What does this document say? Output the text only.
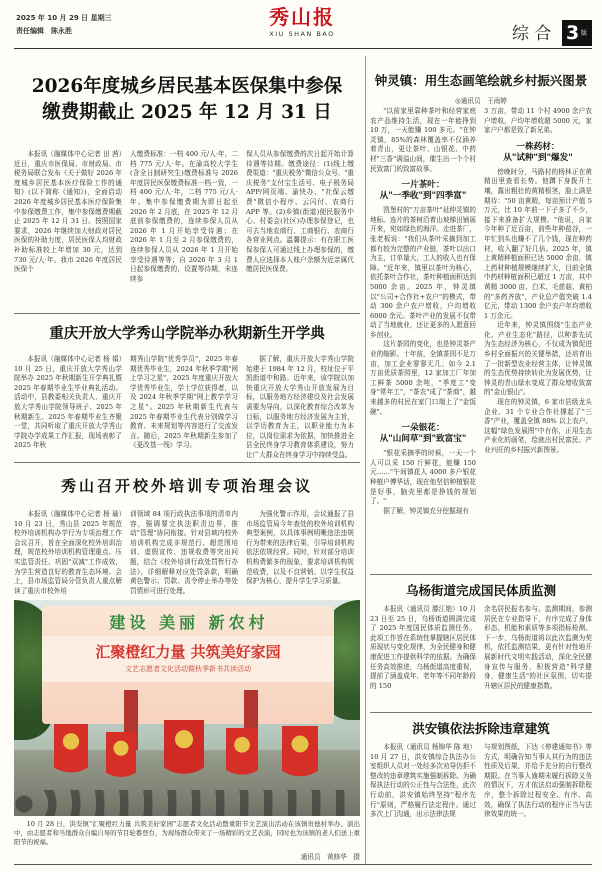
2025 年 10 月 29 日 星期三
责任编辑　陈永胜
秀山报
XIU SHAN BAO	综 合 3 版
2026年度城乡居民基本医保集中参保
缴费期截止 2025 年 12 月 31 日

本报讯（融媒体中心记者 田 茜）近日，重庆市医保局、市财政局、市税务局联合发布《关于做好 2026 年度城乡居民基本医疗保险工作的通知》(以下简称《通知》)，全面启动 2026 年度城乡居民基本医疗保险集中参保缴费工作，集中参保缴费期截止 2025 年 12 月 31 日。按照国家要求，2026 年继续加大财政对居民医保的补助力度，居民医保人均财政补助标准较上年增加 30 元，达到 730 元/人·年。我市 2026 年度居民医保个

人缴费标准：一档 400 元/人·年，二档 775 元/人·年。在渝高校大学生(含全日制研究生)缴费标准与 2026 年度居民医保缴费标准一档一致，一档 400 元/人·年，二档 775 元/人·年。集中参保缴费期为即日起至 2026 年 2 月底，在 2025 年 12 月底前参保缴费的，连续参保人员从 2026 年 1 月开始享受待遇；在 2026 年 1 月至 2 月参保缴费的，连续参保人员从 2026 年 1 月开始享受待遇等等；自 2026 年 3 月 1 日起参保缴费的，设置等待期，未连续参

保人员从参保缴费的次日起开始计算待遇等待期。缴费途径：(1)线上缴费渠道："重庆税务"微信公众号、"重庆税务"支付宝生活号、电子税务局 APP/网页端、渝快办、"社保云缴费"微信小程序、云闪付、农商行 APP 等。(2)乡镇(街道)便民服务中心、村委会(社区)办理参保登记，也可去当地农商行、工商银行、农商行各营业网点。温馨提示：有在职工医保参保人可通过线上办理参保的，缴费人应选择本人账户余额为近亲属代缴居民医保费。

重庆开放大学秀山学院举办秋期新生开学典

本报讯（融媒体中心记者 杨 娟）10 月 25 日，重庆开放大学秀山学院举办 2025 年秋期新生开学典礼暨 2025 年春期毕业生毕业典礼活动。活动中，县教委相关负责人、重庆开放大学秀山学院领导班子、2025 年秋期新生、2025 年春期毕业生齐聚一堂，共同听取了重庆开放大学秀山学院办学成果工作汇报，现场表彰了 2025 年秋

期秀山学院"优秀学员"，2025 年春期优秀毕业生，2024 年秋季学期"网上学习之星"，2025 年度重庆开放大学优秀毕业生，学士学位获得者，以及 2024 年秋季学期"网上教学学习之星"。2025 年秋期新生代表与 2025 年春期毕业生代表分别做学习教育、未来规划等内容进行了交流发言。随后，2025 年秋期新生参加了《更改基一残》学习。

据了解，重庆开放大学秀山学院始建于 1984 年 12 月，校址位于平凯街道中和路。近年来，该学院以加快重庆开放大学秀山开放发展为目标，以服务地方经济建设及社会发展需要为导向，以深化教育综合改革为目标，以服务地方经济发展为主旨，以学历教育为主，以职业能力为本位，以岗位需求为依据，加快推进全县全民终身学习教育体系建设，努力让广大群众在终身学习中持续受益。

秀山召开校外培训专项治理会议

本报讯（融媒体中心记者 杨 瑜）10 月 23 日，秀山县 2025 年规范校外培训机构办学行为专项治理工作会议召开，旨在全面深化校外培训治理，规范校外培训机构管理重点、压实监管责任、巩固"双减"工作成效，为学生营造良好的教育生态环境。会上，县市场监管局分管负责人重点解读了重庆市校外培

训领域 84 项行政执法事项的清单内容，强调要完执法职责边界，推动"管理"协同衔接。针对县域内校外培训机构完成非规范行、超范围培训、虚假宣传、违规收费等突出问题，结合《校外培训行政处罚暂行办法》，详细解释对应处罚条款，明确黄色警示、罚款、责令停止举办等处罚情形可进行处理。

为强化警示作用，会议通报了县市场监管局今年查处的校外培训机构典型案例，以具体事例明晰违法违规行为带来的法律后果，引导培训机构依法依规经营。同时，针对部分培训机构费繁多的现象，要求培训机构规范收费，以及不良营销、以学生权益保护为核心，提升学生学习质量。

建设 美丽 新农村
汇聚橙红力量 共筑美好家园
文艺志愿者文化活动暨秋季新书共读活动

10 月 28 日，洪安镇"汇聚橙红力量 共筑美好家园"志愿者文化活动暨重阳节文艺演出活动在该镇贵德村举办。演出中，由志愿者和当地群众自编自导的节目轮番登台，为现场群众带来了一场精彩的文艺表演，同时也为该镇的老人们送上重阳节的祝福。

通讯员　黄修华　摄
钟灵镇：用生态画笔绘就乡村振兴图景
◎通讯员　王雨婷

"以前家里靠种茶叶和经营家庭农产品维持生活，现在一年能挣到 10 万，一天能赚 100 多元。"在钟灵镇，85%的森林覆盖率不仅涵养着青山，更让茶叶、山银花、中药材"三香"满溢山间，催生出一个个村民致富门的致富故事。

一片茶叶：
从"一季收"到"四季富"

凯堡村的"万亩茶叶"延伸灵镇的地标。连片的茶树沿着山坡梯田铺展开来，宛如绿色的海洋。走进茶厂，张老板说："我们从茶叶采摘到加工都有较为完整的产业链，茶叶以出口为主，订单量大，工人的收入也有保障。"近年来，镇里以茶叶为核心，依托茶叶合作社，茶叶种植面积达到 5000 余亩。2025 年，钟灵镇以"公司+合作社+农户"的模式，带动 300 余户农户增收，户均增收 6000 余元。茶叶产业的发展不仅带动了当地就业，还让更多的人愿意回乡创业。

这片茶园的变化，也是钟灵茶产业的缩影。十年前，全镇茶园不足万亩，加工企业寥寥无几；如今 2.1 万亩优质茶园里，12 家加工厂年加工鲜茶 5000 余吨，"季度工"变身"常年工"，"茶农"成了"茶商"，越来越多的村民在家门口端上了"金饭碗"。

一朵银花：
从"山间草"到"致富宝"

"银花采摘季的时候，一天一个人可以采 150 斤鲜花，能赚 150 元……"午间镇花人 4000 多户银花种植户傅华话，现在他坚信种植银花是好事，脑壳里都是挣钱的规划了。"

据了解，钟灵镇充分挖掘现有

3 万亩，带动 11 个村 4900 余户农户增收，户均年增收超 5000 元，家家户户都是致了新兄弟。

一株药材：
从"试种"到"爆发"

傍晚时分，马路村的杨林正在黄精田里查看长势。他蹲下身拨开土壤，露出粗壮的黄精根茎，脸上满是期待："50 亩黄精，每亩预计产值 5 万元，比 10 年前一下子多了不少，接下来准备扩大规模。"他说，自家今年种了近百亩，前些年种苞谷，一年忙到头也赚不了几个钱，现在种药材，收入翻了好几倍。2025 年，镇上黄精种植面积已达 5000 余亩，镇上药材种植规模继续扩大，目前全镇中药材种植面积已超过 1 万亩，其中黄精 3000 亩、白术、毛慈菇、黄柏的"多药齐放"，产业总产值突破 1.4 亿元，带动 1300 余户农户年均增收 1 万余元。

近年来，钟灵镇围绕"生态产业化、产业生态化"路径，以种茶先试为生态经济为核心，不仅成为镇促进乡村全面振兴的关键举措，还培育出了一批新型农业经营主体，让钟灵镇的生态优势持续转化为发展优势，让钟灵的青山绿水变成了群众增收致富的"金山银山"。

现在的钟灵镇，6 家市县级龙头企业、31 个专业合作社撑起了"三香"产业，覆盖全镇 80% 以上农户。这幅"绿色发展图"中有你，正用生态产业化的画笔，绘就出村民富民、产业兴旺的乡村振兴新图景。

乌杨街道完成国民体质监测

本报讯（通讯员 滕江艳）10 月 23 日至 25 日，乌杨街道圆满完成了 2025 年度国民体质监测任务。此项工作旨在系统性掌握辖区居民体质现状与变化规律，为全民健身和健康促进工作提供科学的依据。为确保任务高效推进，乌杨街道高度重视，提前了涵盖成年、老年等不同年龄段的 150

余名居民报名参与。监测期间，参测居民在专业指导下，有序完成了身体形态、机能和素质等多项指标检测。下一步，乌杨街道将以此次监测为契机，依托监测结果，更有针对性地开展新时代文明实践活动，深化全民健身宣传与服务，积极营造"科学健身，健康生活"的社区氛围，切实提升辖区居民的健康指数。

洪安镇依法拆除违章建筑

本报讯（通讯员 杨锦华 陈 地）10 月 27 日，洪安镇综合执法办公室组织人员对一处经多次劝导仍拒不整改的违章建筑实施强制拆除。为确保执法行动的公正性与合法性，此次行动前，洪安镇始终坚持"程序先行"原则，严格履行法定程序。通过多次上门沟通，出示法律法规

与规划图纸，下达《停建通知书》等方式，明确告知当事人其行为的违法性质及后果，并给予充分的自行整改期限。在当事人逾期未履行拆除义务的情况下，方才依法启动强制拆除程序，整个拆除过程安全、有序、高效，确保了执法行动的程序正当与法律效果的统一。
